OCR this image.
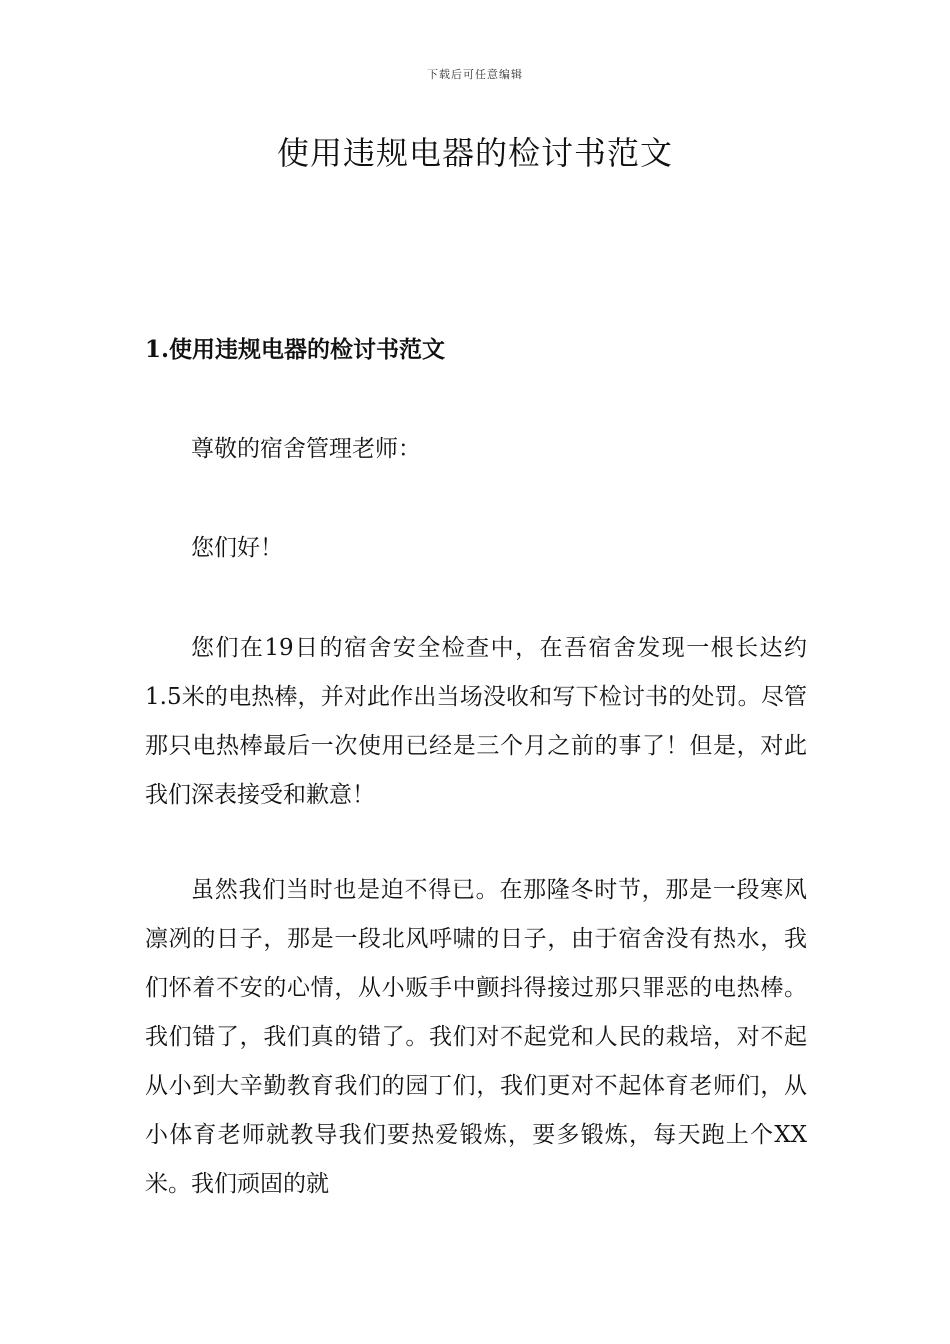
下载后可任意编辑
使用违规电器的检讨书范文
1.使用违规电器的检讨书范文

尊敬的宿舍管理老师：

您们好！

您们在19日的宿舍安全检查中，在吾宿舍发现一根长达约1.5米的电热棒，并对此作出当场没收和写下检讨书的处罚。尽管那只电热棒最后一次使用已经是三个月之前的事了！但是，对此我们深表接受和歉意！

虽然我们当时也是迫不得已。在那隆冬时节，那是一段寒风凛冽的日子，那是一段北风呼啸的日子，由于宿舍没有热水，我们怀着不安的心情，从小贩手中颤抖得接过那只罪恶的电热棒。我们错了，我们真的错了。我们对不起党和人民的栽培，对不起从小到大辛勤教育我们的园丁们，我们更对不起体育老师们，从小体育老师就教导我们要热爱锻炼，要多锻炼，每天跑上个XX米。我们顽固的就
